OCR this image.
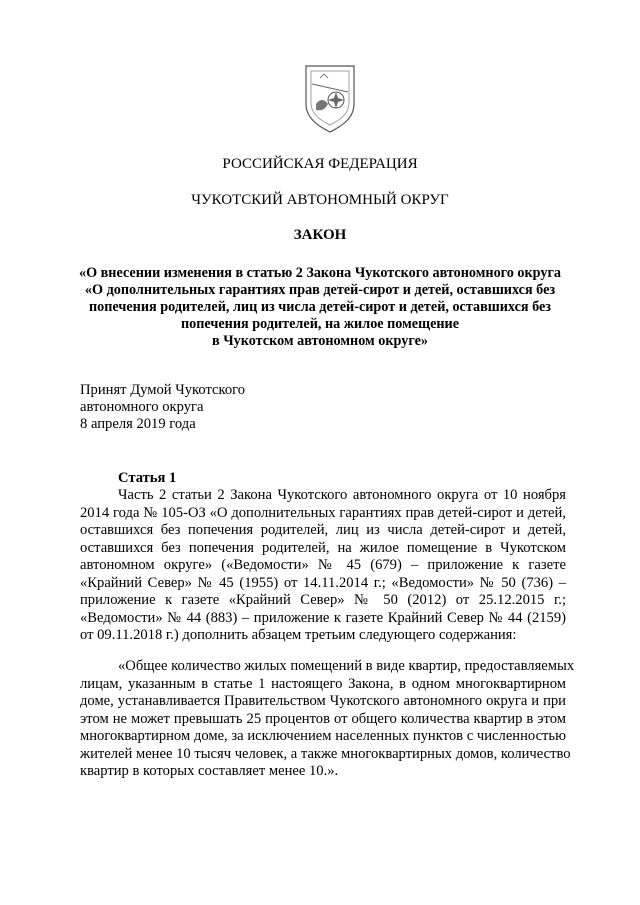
РОССИЙСКАЯ ФЕДЕРАЦИЯ
ЧУКОТСКИЙ АВТОНОМНЫЙ ОКРУГ
ЗАКОН
«О внесении изменения в статью 2 Закона Чукотского автономного округа
«О дополнительных гарантиях прав детей-сирот и детей, оставшихся без
попечения родителей, лиц из числа детей-сирот и детей, оставшихся без
попечения родителей, на жилое помещение
в Чукотском автономном округе»
Принят Думой Чукотского
автономного округа
8 апреля 2019 года
Статья 1
Часть 2 статьи 2 Закона Чукотского автономного округа от 10 ноября
2014 года № 105-ОЗ «О дополнительных гарантиях прав детей-сирот и детей,
оставшихся без попечения родителей, лиц из числа детей-сирот и детей,
оставшихся без попечения родителей, на жилое помещение в Чукотском
автономном округе» («Ведомости» № 45 (679) – приложение к газете
«Крайний Север» № 45 (1955) от 14.11.2014 г.; «Ведомости» № 50 (736) –
приложение к газете «Крайний Север» № 50 (2012) от 25.12.2015 г.;
«Ведомости» № 44 (883) – приложение к газете Крайний Север № 44 (2159)
от 09.11.2018 г.) дополнить абзацем третьим следующего содержания:
«Общее количество жилых помещений в виде квартир, предоставляемых
лицам, указанным в статье 1 настоящего Закона, в одном многоквартирном
доме, устанавливается Правительством Чукотского автономного округа и при
этом не может превышать 25 процентов от общего количества квартир в этом
многоквартирном доме, за исключением населенных пунктов с численностью
жителей менее 10 тысяч человек, а также многоквартирных домов, количество
квартир в которых составляет менее 10.».
